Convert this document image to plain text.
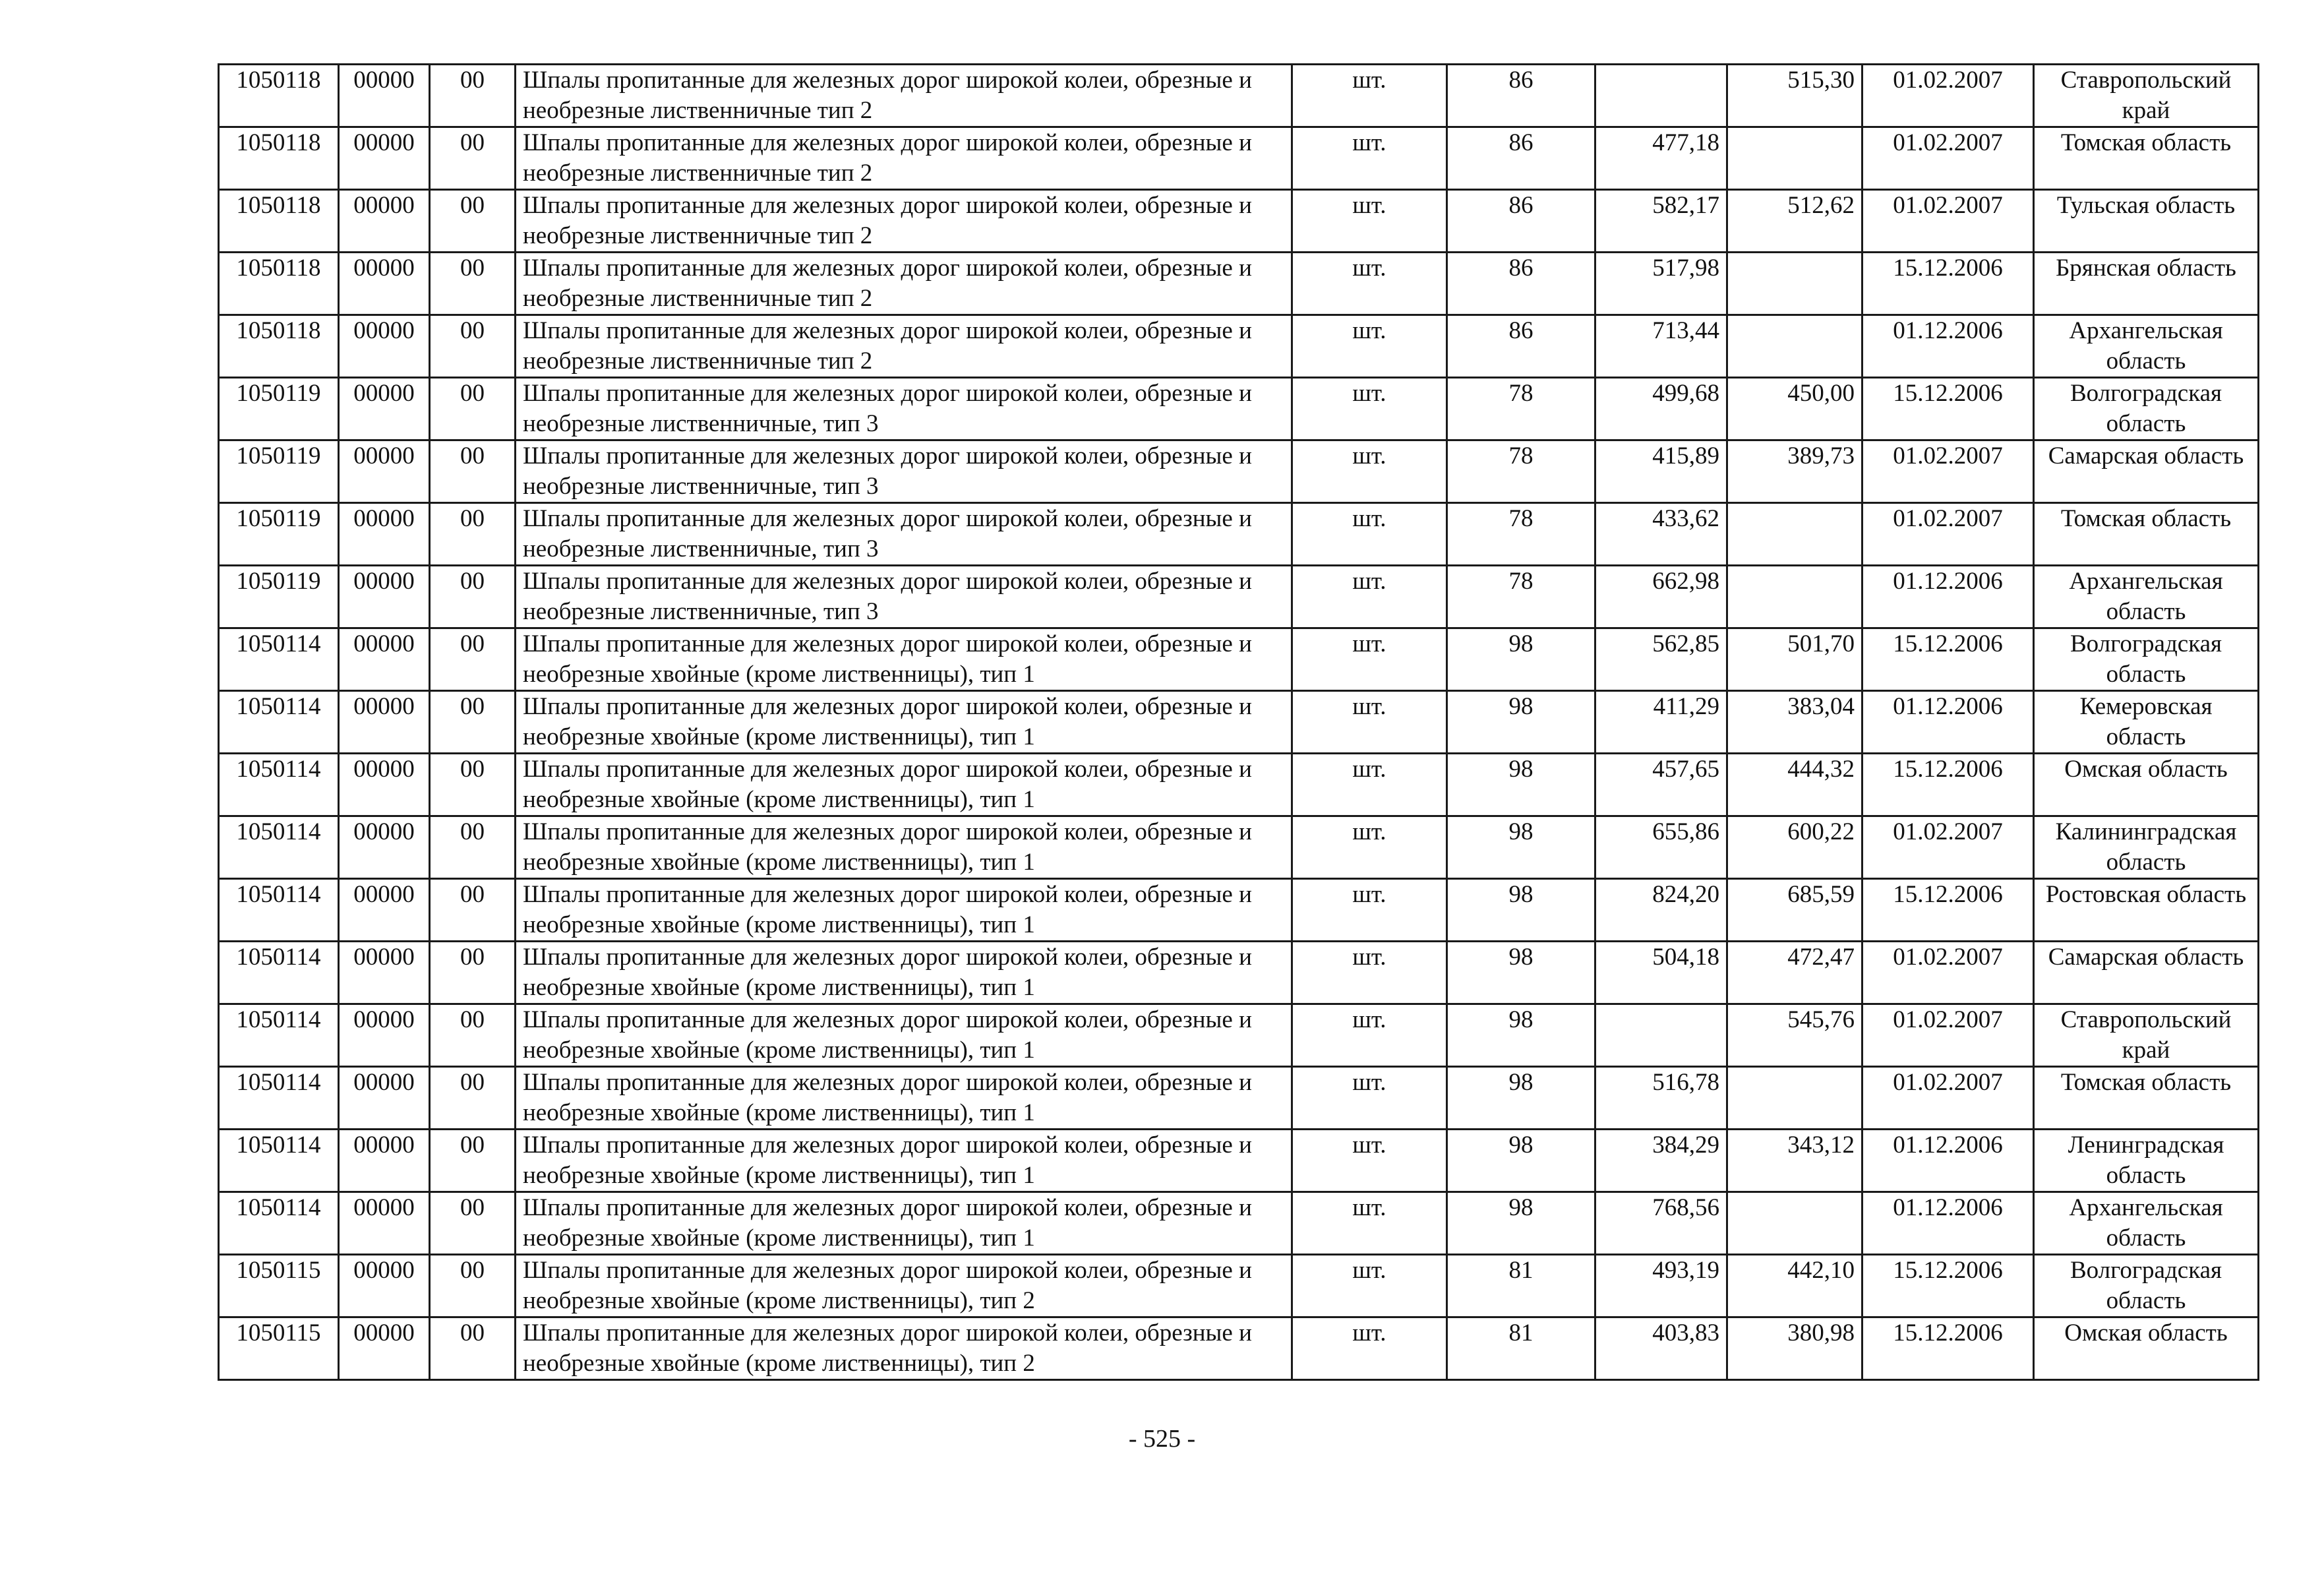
1050118	00000	00	Шпалы пропитанные для железных дорог широкой колеи, обрезные и необрезные лиственничные тип 2	шт.	86		515,30	01.02.2007	Ставропольский край
1050118	00000	00	Шпалы пропитанные для железных дорог широкой колеи, обрезные и необрезные лиственничные тип 2	шт.	86	477,18		01.02.2007	Томская область
1050118	00000	00	Шпалы пропитанные для железных дорог широкой колеи, обрезные и необрезные лиственничные тип 2	шт.	86	582,17	512,62	01.02.2007	Тульская область
1050118	00000	00	Шпалы пропитанные для железных дорог широкой колеи, обрезные и необрезные лиственничные тип 2	шт.	86	517,98		15.12.2006	Брянская область
1050118	00000	00	Шпалы пропитанные для железных дорог широкой колеи, обрезные и необрезные лиственничные тип 2	шт.	86	713,44		01.12.2006	Архангельская область
1050119	00000	00	Шпалы пропитанные для железных дорог широкой колеи, обрезные и необрезные лиственничные, тип 3	шт.	78	499,68	450,00	15.12.2006	Волгоградская область
1050119	00000	00	Шпалы пропитанные для железных дорог широкой колеи, обрезные и необрезные лиственничные, тип 3	шт.	78	415,89	389,73	01.02.2007	Самарская область
1050119	00000	00	Шпалы пропитанные для железных дорог широкой колеи, обрезные и необрезные лиственничные, тип 3	шт.	78	433,62		01.02.2007	Томская область
1050119	00000	00	Шпалы пропитанные для железных дорог широкой колеи, обрезные и необрезные лиственничные, тип 3	шт.	78	662,98		01.12.2006	Архангельская область
1050114	00000	00	Шпалы пропитанные для железных дорог широкой колеи, обрезные и необрезные хвойные (кроме лиственницы), тип 1	шт.	98	562,85	501,70	15.12.2006	Волгоградская область
1050114	00000	00	Шпалы пропитанные для железных дорог широкой колеи, обрезные и необрезные хвойные (кроме лиственницы), тип 1	шт.	98	411,29	383,04	01.12.2006	Кемеровская область
1050114	00000	00	Шпалы пропитанные для железных дорог широкой колеи, обрезные и необрезные хвойные (кроме лиственницы), тип 1	шт.	98	457,65	444,32	15.12.2006	Омская область
1050114	00000	00	Шпалы пропитанные для железных дорог широкой колеи, обрезные и необрезные хвойные (кроме лиственницы), тип 1	шт.	98	655,86	600,22	01.02.2007	Калининградская область
1050114	00000	00	Шпалы пропитанные для железных дорог широкой колеи, обрезные и необрезные хвойные (кроме лиственницы), тип 1	шт.	98	824,20	685,59	15.12.2006	Ростовская область
1050114	00000	00	Шпалы пропитанные для железных дорог широкой колеи, обрезные и необрезные хвойные (кроме лиственницы), тип 1	шт.	98	504,18	472,47	01.02.2007	Самарская область
1050114	00000	00	Шпалы пропитанные для железных дорог широкой колеи, обрезные и необрезные хвойные (кроме лиственницы), тип 1	шт.	98		545,76	01.02.2007	Ставропольский край
1050114	00000	00	Шпалы пропитанные для железных дорог широкой колеи, обрезные и необрезные хвойные (кроме лиственницы), тип 1	шт.	98	516,78		01.02.2007	Томская область
1050114	00000	00	Шпалы пропитанные для железных дорог широкой колеи, обрезные и необрезные хвойные (кроме лиственницы), тип 1	шт.	98	384,29	343,12	01.12.2006	Ленинградская область
1050114	00000	00	Шпалы пропитанные для железных дорог широкой колеи, обрезные и необрезные хвойные (кроме лиственницы), тип 1	шт.	98	768,56		01.12.2006	Архангельская область
1050115	00000	00	Шпалы пропитанные для железных дорог широкой колеи, обрезные и необрезные хвойные (кроме лиственницы), тип 2	шт.	81	493,19	442,10	15.12.2006	Волгоградская область
1050115	00000	00	Шпалы пропитанные для железных дорог широкой колеи, обрезные и необрезные хвойные (кроме лиственницы), тип 2	шт.	81	403,83	380,98	15.12.2006	Омская область
- 525 -
